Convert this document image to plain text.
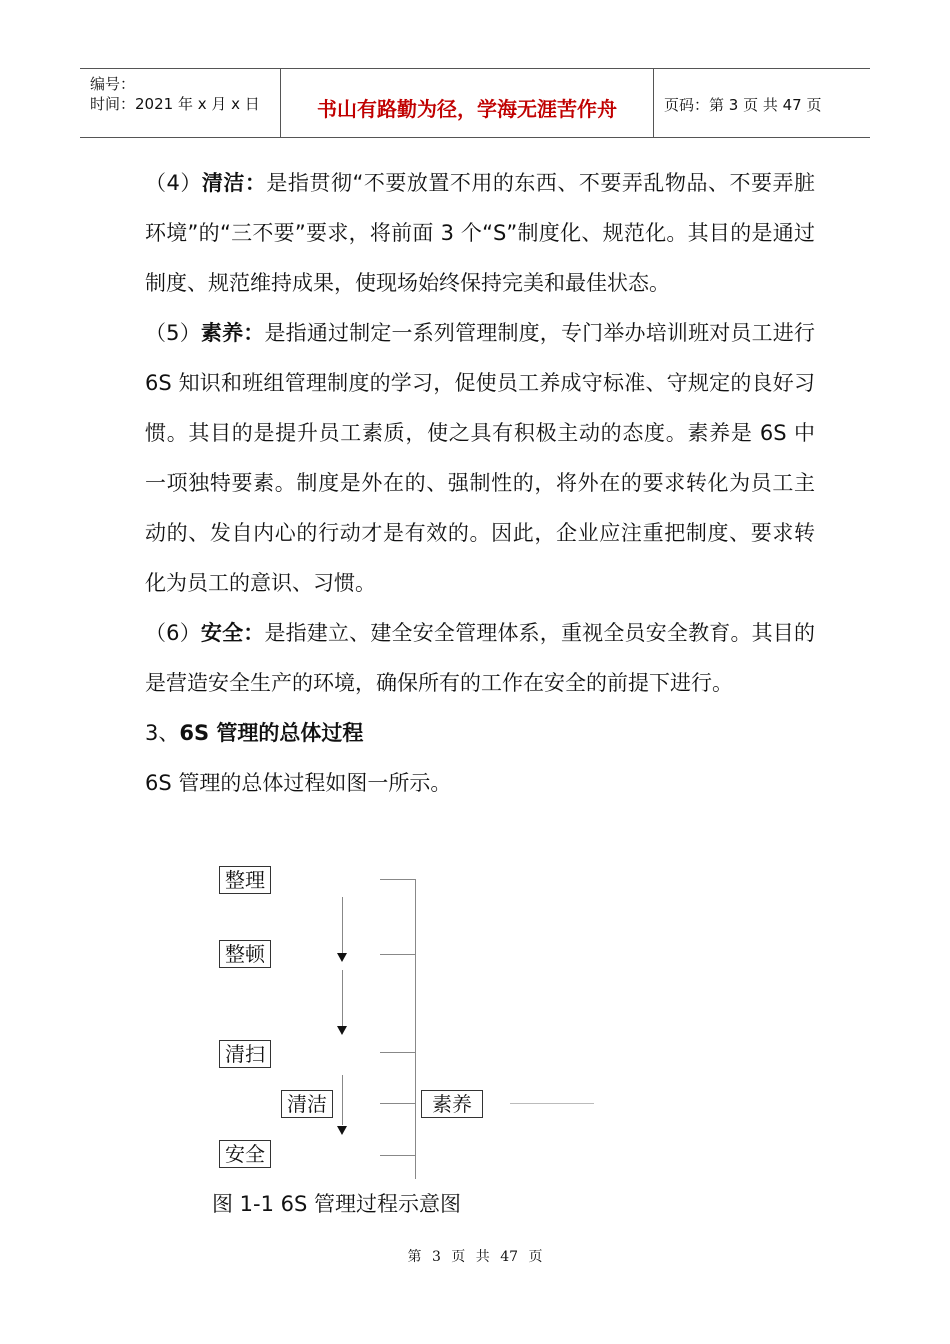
编号：
时间：2021 年 x 月 x 日	书山有路勤为径，学海无涯苦作舟	页码：第 3 页 共 47 页

（4）清洁：是指贯彻“不要放置不用的东西、不要弄乱物品、不要弄脏环境”的“三不要”要求，将前面 3 个“S”制度化、规范化。其目的是通过制度、规范维持成果，使现场始终保持完美和最佳状态。

（5）素养：是指通过制定一系列管理制度，专门举办培训班对员工进行 6S 知识和班组管理制度的学习，促使员工养成守标准、守规定的良好习惯。其目的是提升员工素质，使之具有积极主动的态度。素养是 6S 中一项独特要素。制度是外在的、强制性的，将外在的要求转化为员工主动的、发自内心的行动才是有效的。因此，企业应注重把制度、要求转化为员工的意识、习惯。

（6）安全：是指建立、建全安全管理体系，重视全员安全教育。其目的是营造安全生产的环境，确保所有的工作在安全的前提下进行。

3、6S 管理的总体过程

6S 管理的总体过程如图一所示。

整理
整顿
清扫
清洁
安全
素养
图 1-1 6S 管理过程示意图
第 3 页 共 47 页
